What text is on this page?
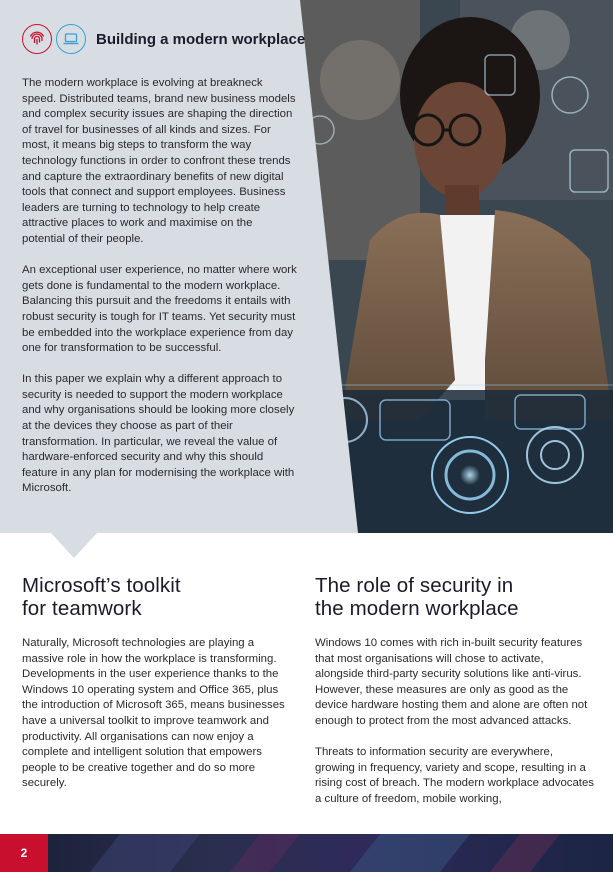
Building a modern workplace

The modern workplace is evolving at breakneck speed. Distributed teams, brand new business models and complex security issues are shaping the direction of travel for businesses of all kinds and sizes. For most, it means big steps to transform the way technology functions in order to confront these trends and capture the extraordinary benefits of new digital tools that connect and support employees. Business leaders are turning to technology to help create attractive places to work and maximise on the potential of their people.

An exceptional user experience, no matter where work gets done is fundamental to the modern workplace. Balancing this pursuit and the freedoms it entails with robust security is tough for IT teams. Yet security must be embedded into the workplace experience from day one for transformation to be successful.

In this paper we explain why a different approach to security is needed to support the modern workplace and why organisations should be looking more closely at the devices they choose as part of their transformation. In particular, we reveal the value of hardware-enforced security and why this should feature in any plan for modernising the workplace with Microsoft.

Microsoft’s toolkit
for teamwork

Naturally, Microsoft technologies are playing a massive role in how the workplace is transforming. Developments in the user experience thanks to the Windows 10 operating system and Office 365, plus the introduction of Microsoft 365, means businesses have a universal toolkit to improve teamwork and productivity. All organisations can now enjoy a complete and intelligent solution that empowers people to be creative together and do so more securely.

The role of security in
the modern workplace

Windows 10 comes with rich in-built security features that most organisations will chose to activate, alongside third-party security solutions like anti-virus. However, these measures are only as good as the device hardware hosting them and alone are often not enough to protect from the most advanced attacks.

Threats to information security are everywhere, growing in frequency, variety and scope, resulting in a rising cost of breach. The modern workplace advocates a culture of freedom, mobile working,

2
